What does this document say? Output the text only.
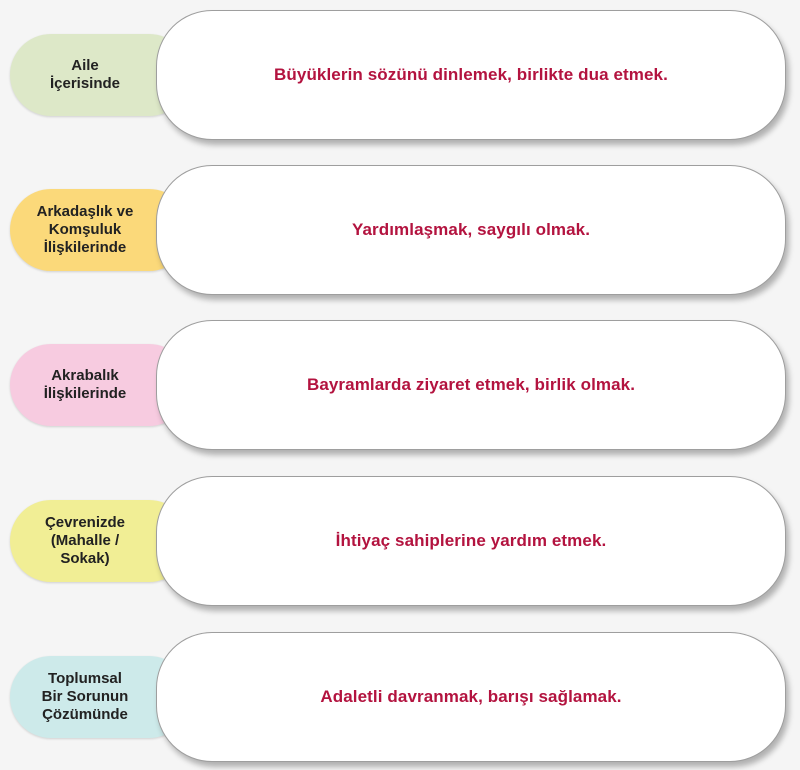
Aile
İçerisinde	Büyüklerin sözünü dinlemek, birlikte dua etmek.
Arkadaşlık ve
Komşuluk
İlişkilerinde
Yardımlaşmak, saygılı olmak.
Akrabalık
İlişkilerinde	Bayramlarda ziyaret etmek, birlik olmak.
Çevrenizde
(Mahalle /
Sokak)
İhtiyaç sahiplerine yardım etmek.
Toplumsal
Bir Sorunun
Çözümünde
Adaletli davranmak, barışı sağlamak.
